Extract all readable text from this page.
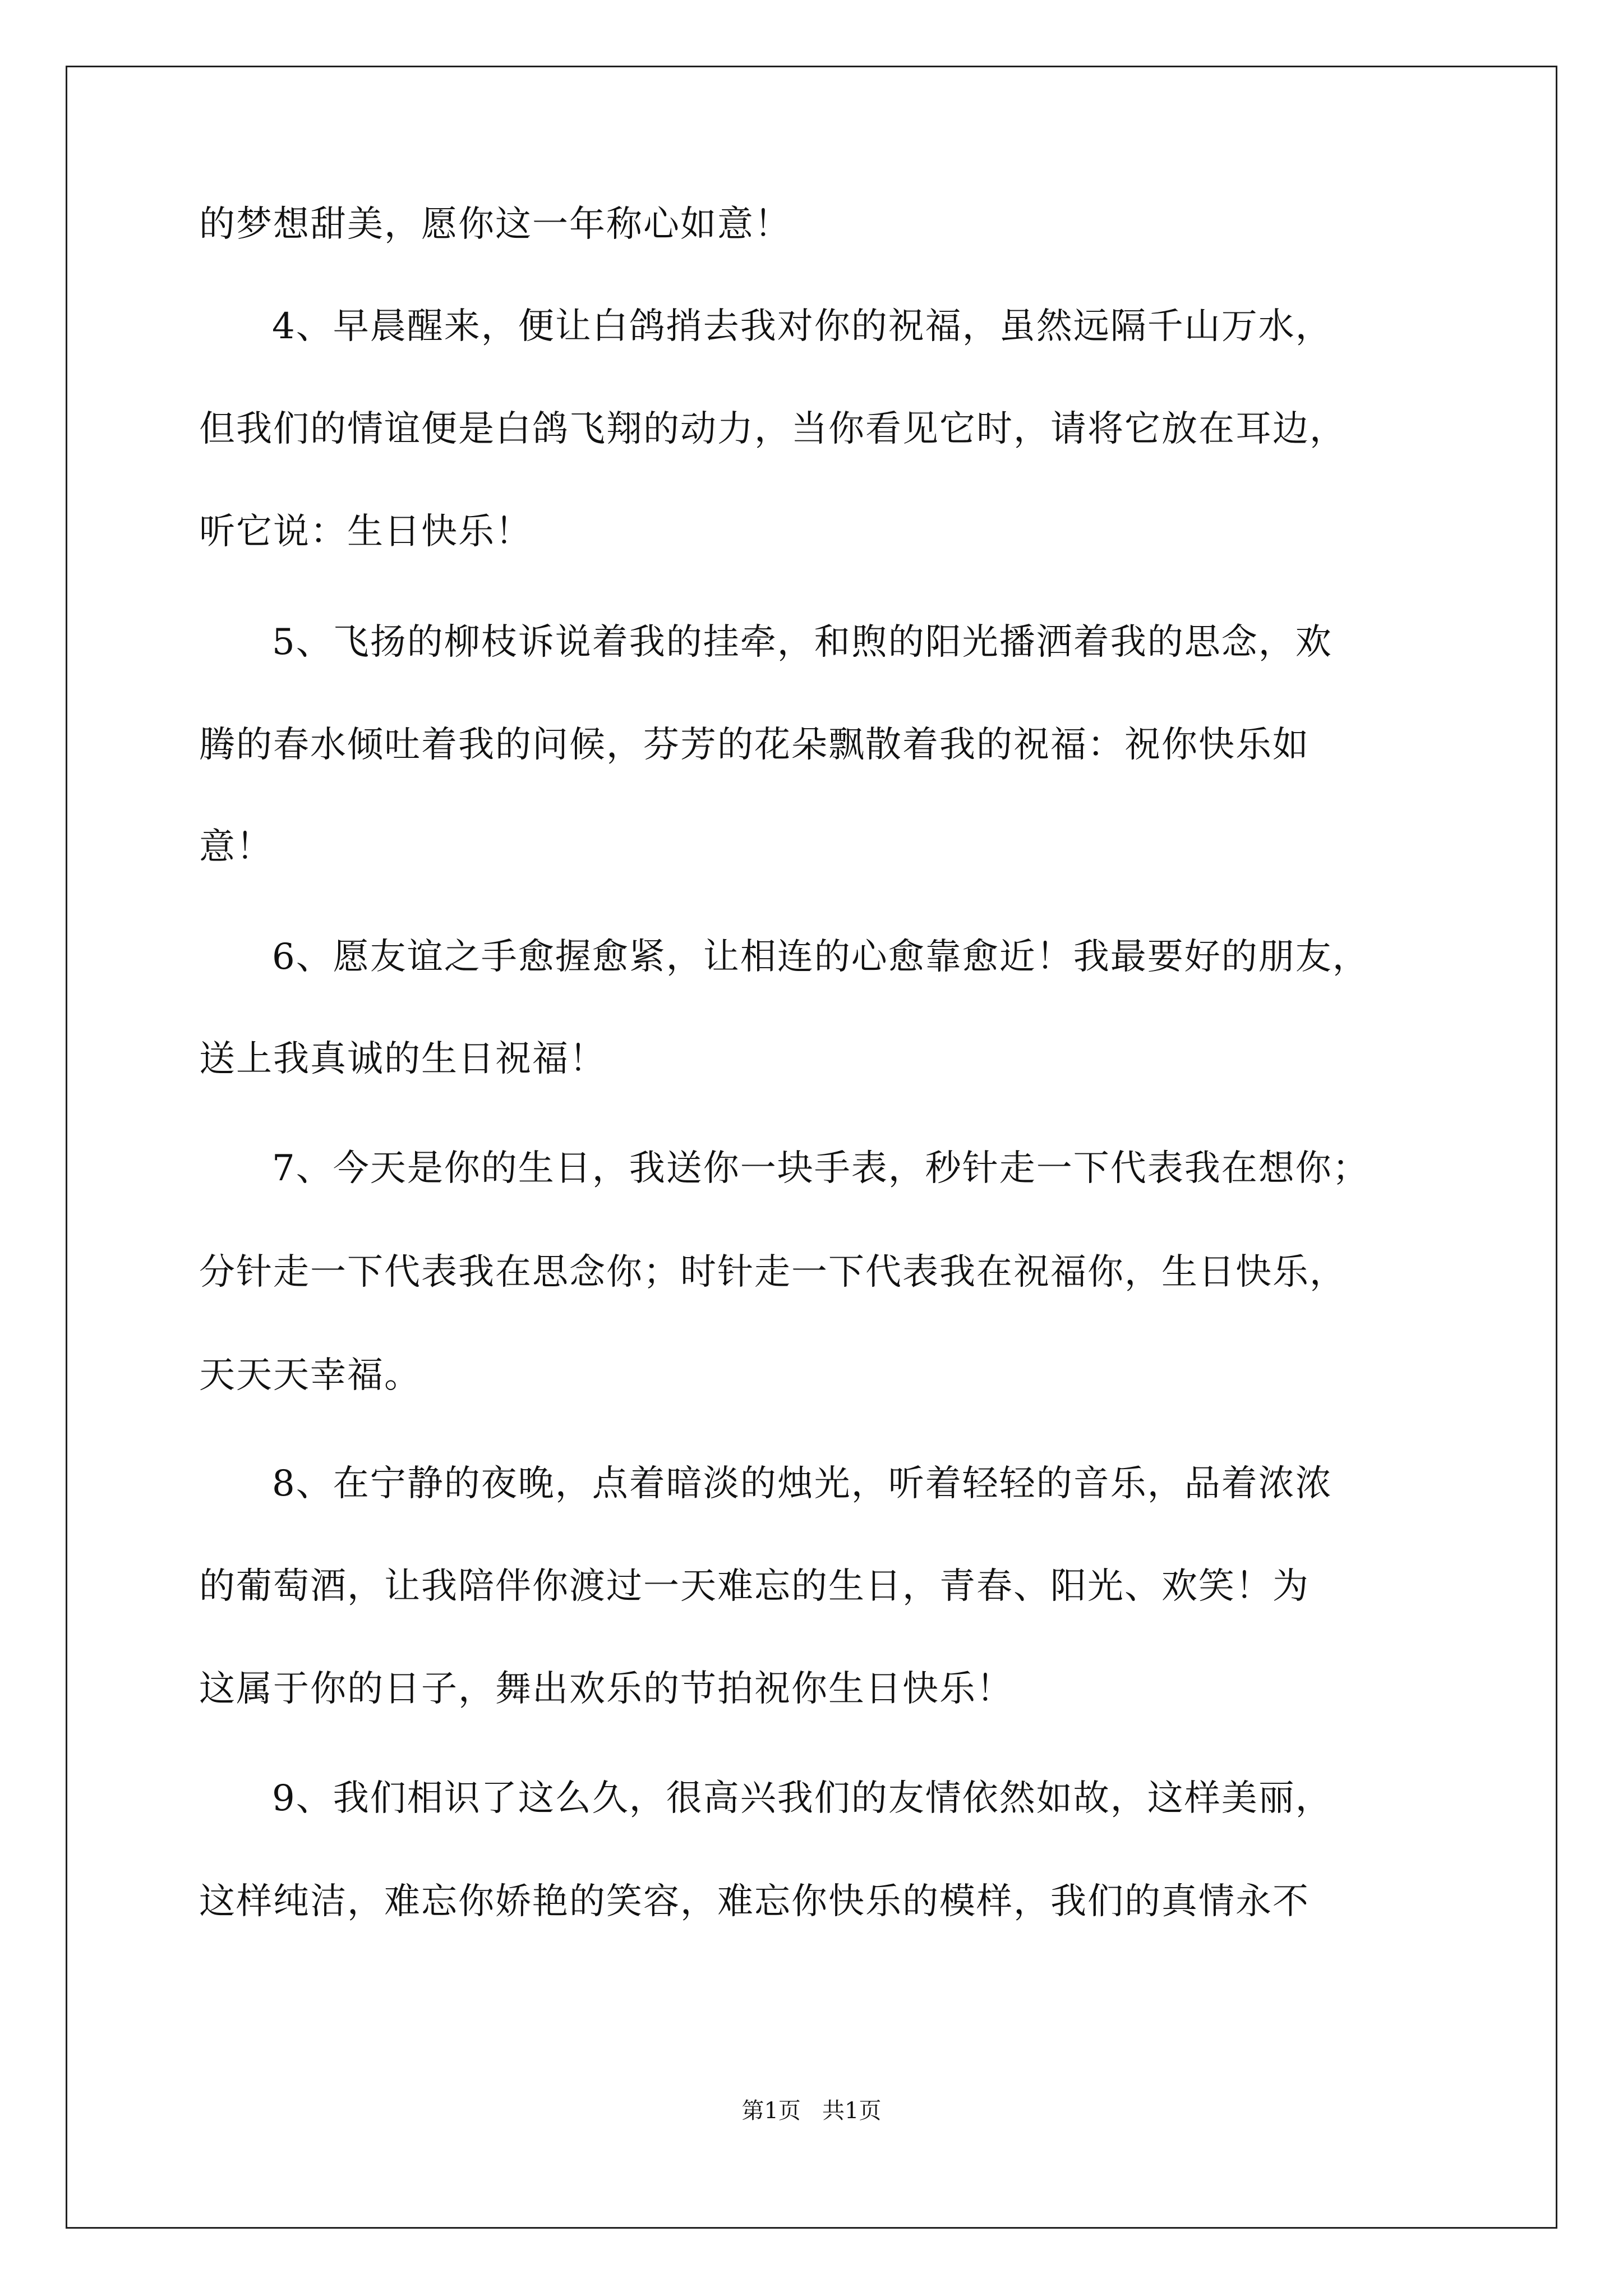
的梦想甜美，愿你这一年称心如意！
4、早晨醒来，便让白鸽捎去我对你的祝福，虽然远隔千山万水，
但我们的情谊便是白鸽飞翔的动力，当你看见它时，请将它放在耳边，
听它说：生日快乐！
5、飞扬的柳枝诉说着我的挂牵，和煦的阳光播洒着我的思念，欢
腾的春水倾吐着我的问候，芬芳的花朵飘散着我的祝福：祝你快乐如
意！
6、愿友谊之手愈握愈紧，让相连的心愈靠愈近！我最要好的朋友，
送上我真诚的生日祝福！
7、今天是你的生日，我送你一块手表，秒针走一下代表我在想你；
分针走一下代表我在思念你；时针走一下代表我在祝福你，生日快乐，
天天天幸福。
8、在宁静的夜晚，点着暗淡的烛光，听着轻轻的音乐，品着浓浓
的葡萄酒，让我陪伴你渡过一天难忘的生日，青春、阳光、欢笑！为
这属于你的日子，舞出欢乐的节拍祝你生日快乐！
9、我们相识了这么久，很高兴我们的友情依然如故，这样美丽，
这样纯洁，难忘你娇艳的笑容，难忘你快乐的模样，我们的真情永不
第1页   共1页
